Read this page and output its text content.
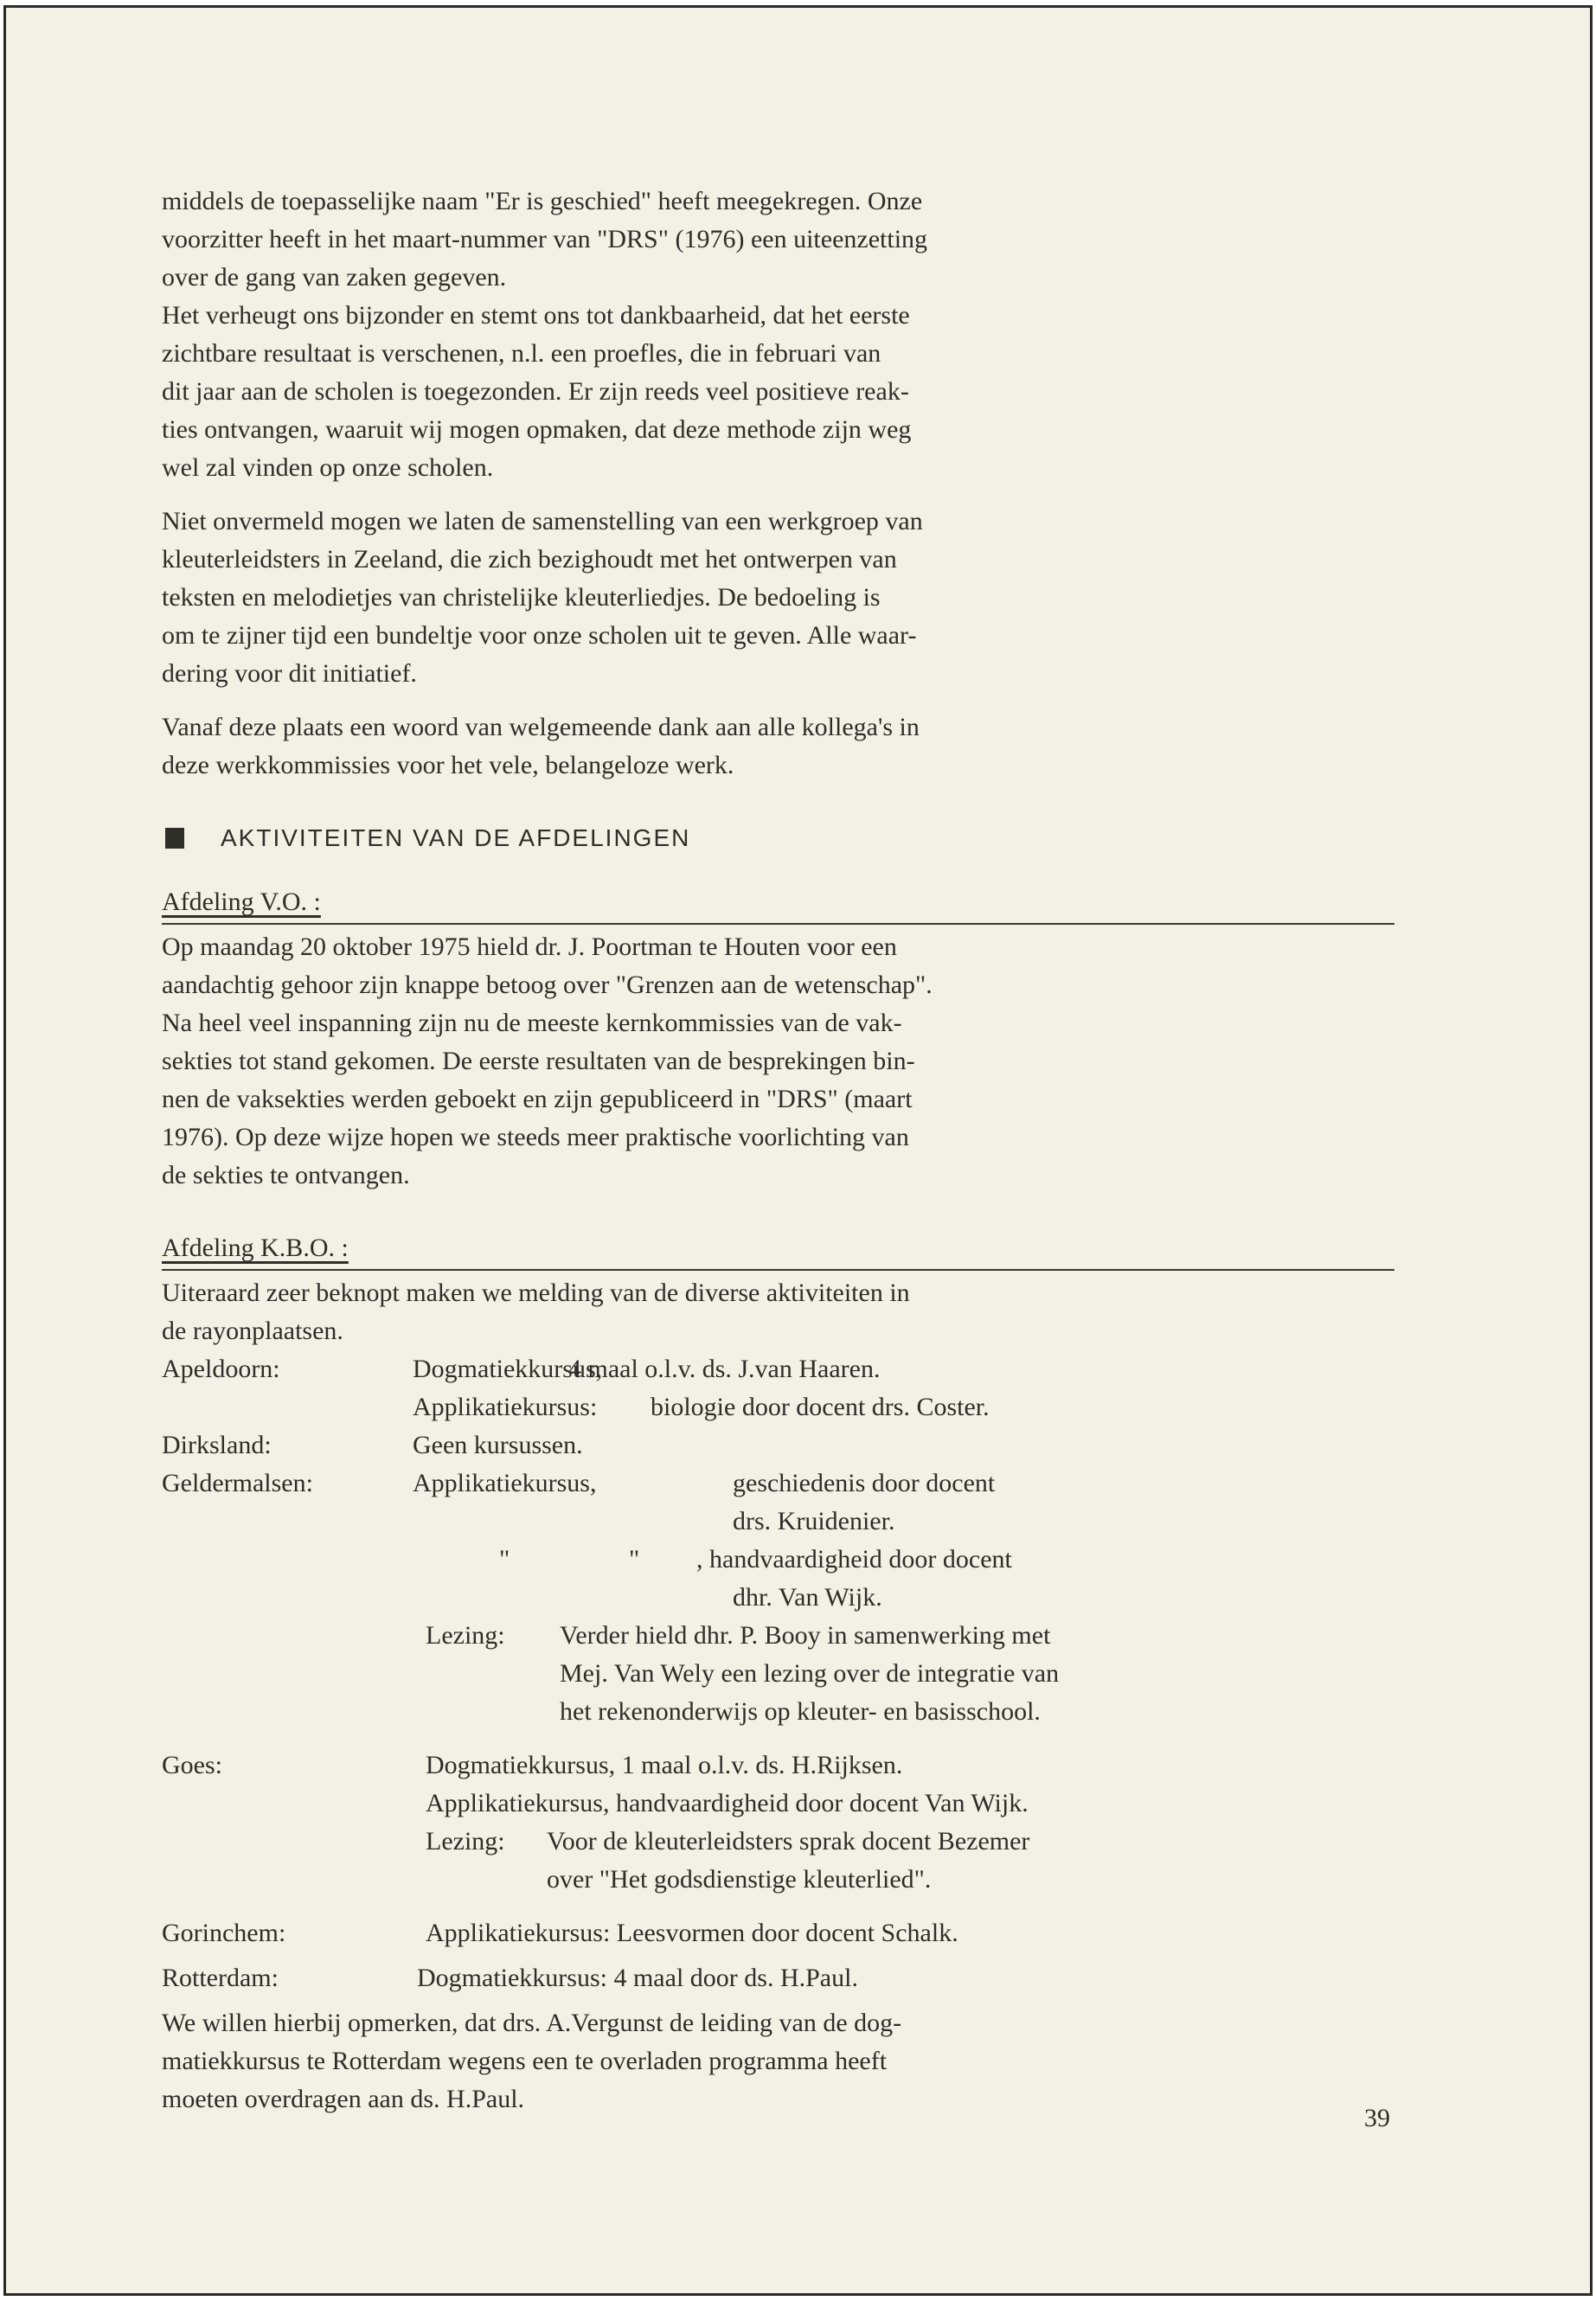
middels de toepasselijke naam "Er is geschied" heeft meegekregen. Onze

voorzitter heeft in het maart-nummer van "DRS" (1976) een uiteenzetting

over de gang van zaken gegeven.

Het verheugt ons bijzonder en stemt ons tot dankbaarheid, dat het eerste

zichtbare resultaat is verschenen, n.l. een proefles, die in februari van

dit jaar aan de scholen is toegezonden. Er zijn reeds veel positieve reak-

ties ontvangen, waaruit wij mogen opmaken, dat deze methode zijn weg

wel zal vinden op onze scholen.

Niet onvermeld mogen we laten de samenstelling van een werkgroep van

kleuterleidsters in Zeeland, die zich bezighoudt met het ontwerpen van

teksten en melodietjes van christelijke kleuterliedjes. De bedoeling is

om te zijner tijd een bundeltje voor onze scholen uit te geven. Alle waar-

dering voor dit initiatief.

Vanaf deze plaats een woord van welgemeende dank aan alle kollega's in

deze werkkommissies voor het vele, belangeloze werk.

AKTIVITEITEN VAN DE AFDELINGEN
Afdeling V.O. :

Op maandag 20 oktober 1975 hield dr. J. Poortman te Houten voor een

aandachtig gehoor zijn knappe betoog over "Grenzen aan de wetenschap".

Na heel veel inspanning zijn nu de meeste kernkommissies van de vak-

sekties tot stand gekomen. De eerste resultaten van de besprekingen bin-

nen de vaksekties werden geboekt en zijn gepubliceerd in "DRS" (maart

1976). Op deze wijze hopen we steeds meer praktische voorlichting van

de sekties te ontvangen.

Afdeling K.B.O. :

Uiteraard zeer beknopt maken we melding van de diverse aktiviteiten in

de rayonplaatsen.

Apeldoorn:	Dogmatiekkursus,
4 maal o.l.v. ds. J.van Haaren.
Applikatiekursus: biologie door docent drs. Coster.
Dirksland:	Geen kursussen.
Geldermalsen:	Applikatiekursus,	geschiedenis door docent
drs. Kruidenier.
"	" , handvaardigheid door docent
dhr. Van Wijk.
Lezing: Verder hield dhr. P. Booy in samenwerking met
Mej. Van Wely een lezing over de integratie van
het rekenonderwijs op kleuter- en basisschool.
Goes:	Dogmatiekkursus, 1 maal o.l.v. ds. H.Rijksen.
Applikatiekursus, handvaardigheid door docent Van Wijk.
Lezing: Voor de kleuterleidsters sprak docent Bezemer
over "Het godsdienstige kleuterlied".
Gorinchem:	Applikatiekursus: Leesvormen door docent Schalk.
Rotterdam:	Dogmatiekkursus: 4 maal door ds. H.Paul.

We willen hierbij opmerken, dat drs. A.Vergunst de leiding van de dog-

matiekkursus te Rotterdam wegens een te overladen programma heeft

moeten overdragen aan ds. H.Paul.

39
